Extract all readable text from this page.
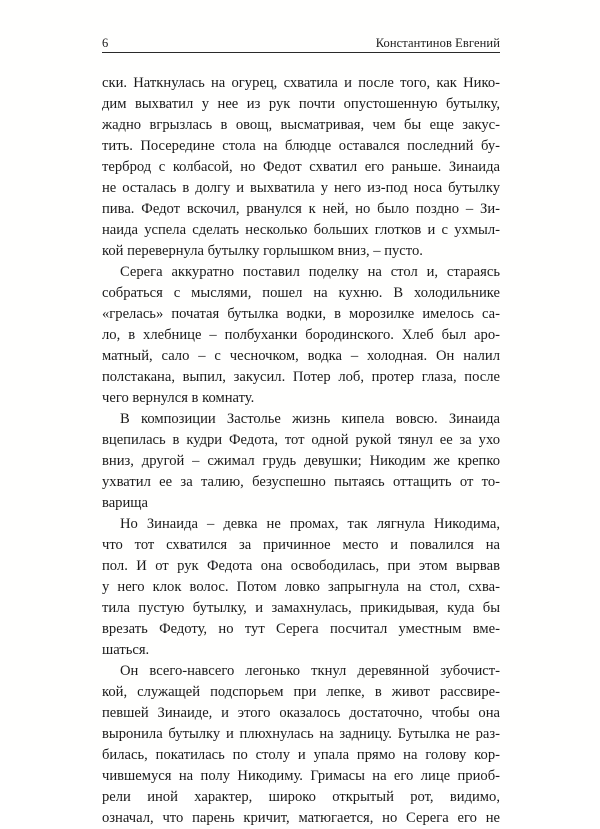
6	Константинов Евгений
ски. Наткнулась на огурец, схватила и после того, как Нико-
дим выхватил у нее из рук почти опустошенную бутылку,
жадно вгрызлась в овощ, высматривая, чем бы еще закус-
тить. Посередине стола на блюдце оставался последний бу-
терброд с колбасой, но Федот схватил его раньше. Зинаида
не осталась в долгу и выхватила у него из-под носа бутылку
пива. Федот вскочил, рванулся к ней, но было поздно – Зи-
наида успела сделать несколько больших глотков и с ухмыл-
кой перевернула бутылку горлышком вниз, – пусто.
Серега аккуратно поставил поделку на стол и, стараясь
собраться с мыслями, пошел на кухню. В холодильнике
«грелась» початая бутылка водки, в морозилке имелось са-
ло, в хлебнице – полбуханки бородинского. Хлеб был аро-
матный, сало – с чесночком, водка – холодная. Он налил
полстакана, выпил, закусил. Потер лоб, протер глаза, после
чего вернулся в комнату.
В композиции Застолье жизнь кипела вовсю. Зинаида
вцепилась в кудри Федота, тот одной рукой тянул ее за ухо
вниз, другой – сжимал грудь девушки; Никодим же крепко
ухватил ее за талию, безуспешно пытаясь оттащить от то-
варища
Но Зинаида – девка не промах, так лягнула Никодима,
что тот схватился за причинное место и повалился на
пол. И от рук Федота она освободилась, при этом вырвав
у него клок волос. Потом ловко запрыгнула на стол, схва-
тила пустую бутылку, и замахнулась, прикидывая, куда бы
врезать Федоту, но тут Серега посчитал уместным вме-
шаться.
Он всего-навсего легонько ткнул деревянной зубочист-
кой, служащей подспорьем при лепке, в живот рассвире-
певшей Зинаиде, и этого оказалось достаточно, чтобы она
выронила бутылку и плюхнулась на задницу. Бутылка не раз-
билась, покатилась по столу и упала прямо на голову кор-
чившемуся на полу Никодиму. Гримасы на его лице приоб-
рели иной характер, широко открытый рот, видимо,
означал, что парень кричит, матюгается, но Серега его не
